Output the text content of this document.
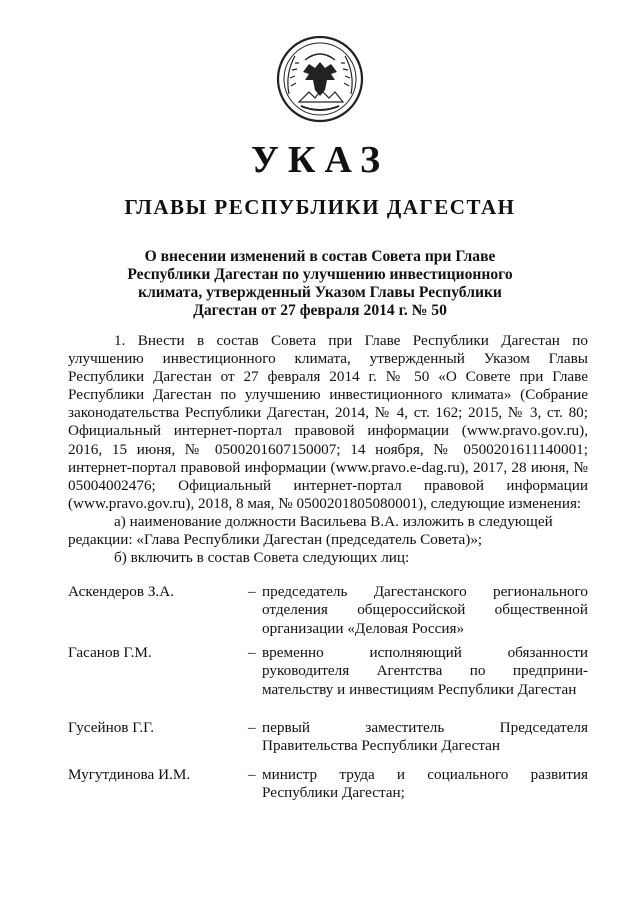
УКАЗ
ГЛАВЫ РЕСПУБЛИКИ ДАГЕСТАН
О внесении изменений в состав Совета при Главе
Республики Дагестан по улучшению инвестиционного
климата, утвержденный Указом Главы Республики
Дагестан от 27 февраля 2014 г. № 50

1. Внести в состав Совета при Главе Республики Дагестан по улучшению инвестиционного климата, утвержденный Указом Главы Республики Дагестан от 27 февраля 2014 г. № 50 «О Совете при Главе Республики Дагестан по улучшению инвестиционного климата» (Собрание законодательства Республики Дагестан, 2014, № 4, ст. 162; 2015, № 3, ст. 80; Официальный интернет-портал правовой информации (www.pravo.gov.ru), 2016, 15 июня, № 0500201607150007; 14 ноября, № 0500201611140001; интернет-портал правовой информации (www.pravo.e-dag.ru), 2017, 28 июня, № 05004002476; Официальный интернет-портал правовой информации (www.pravo.gov.ru), 2018, 8 мая, № 0500201805080001), следующие изменения:

а) наименование должности Васильева В.А. изложить в следующей

редакции: «Глава Республики Дагестан (председатель Совета)»;

б) включить в состав Совета следующих лиц:

Аскендеров З.А.	– председатель Дагестанского регионального
отделения общероссийской общественной
организации «Деловая Россия»
Гасанов Г.М.	– временно исполняющий обязанности
руководителя Агентства по предприни-
мательству и инвестициям Республики Дагестан
Гусейнов Г.Г.	– первый заместитель Председателя
Правительства Республики Дагестан
Мугутдинова И.М.	– министр труда и социального развития
Республики Дагестан;
